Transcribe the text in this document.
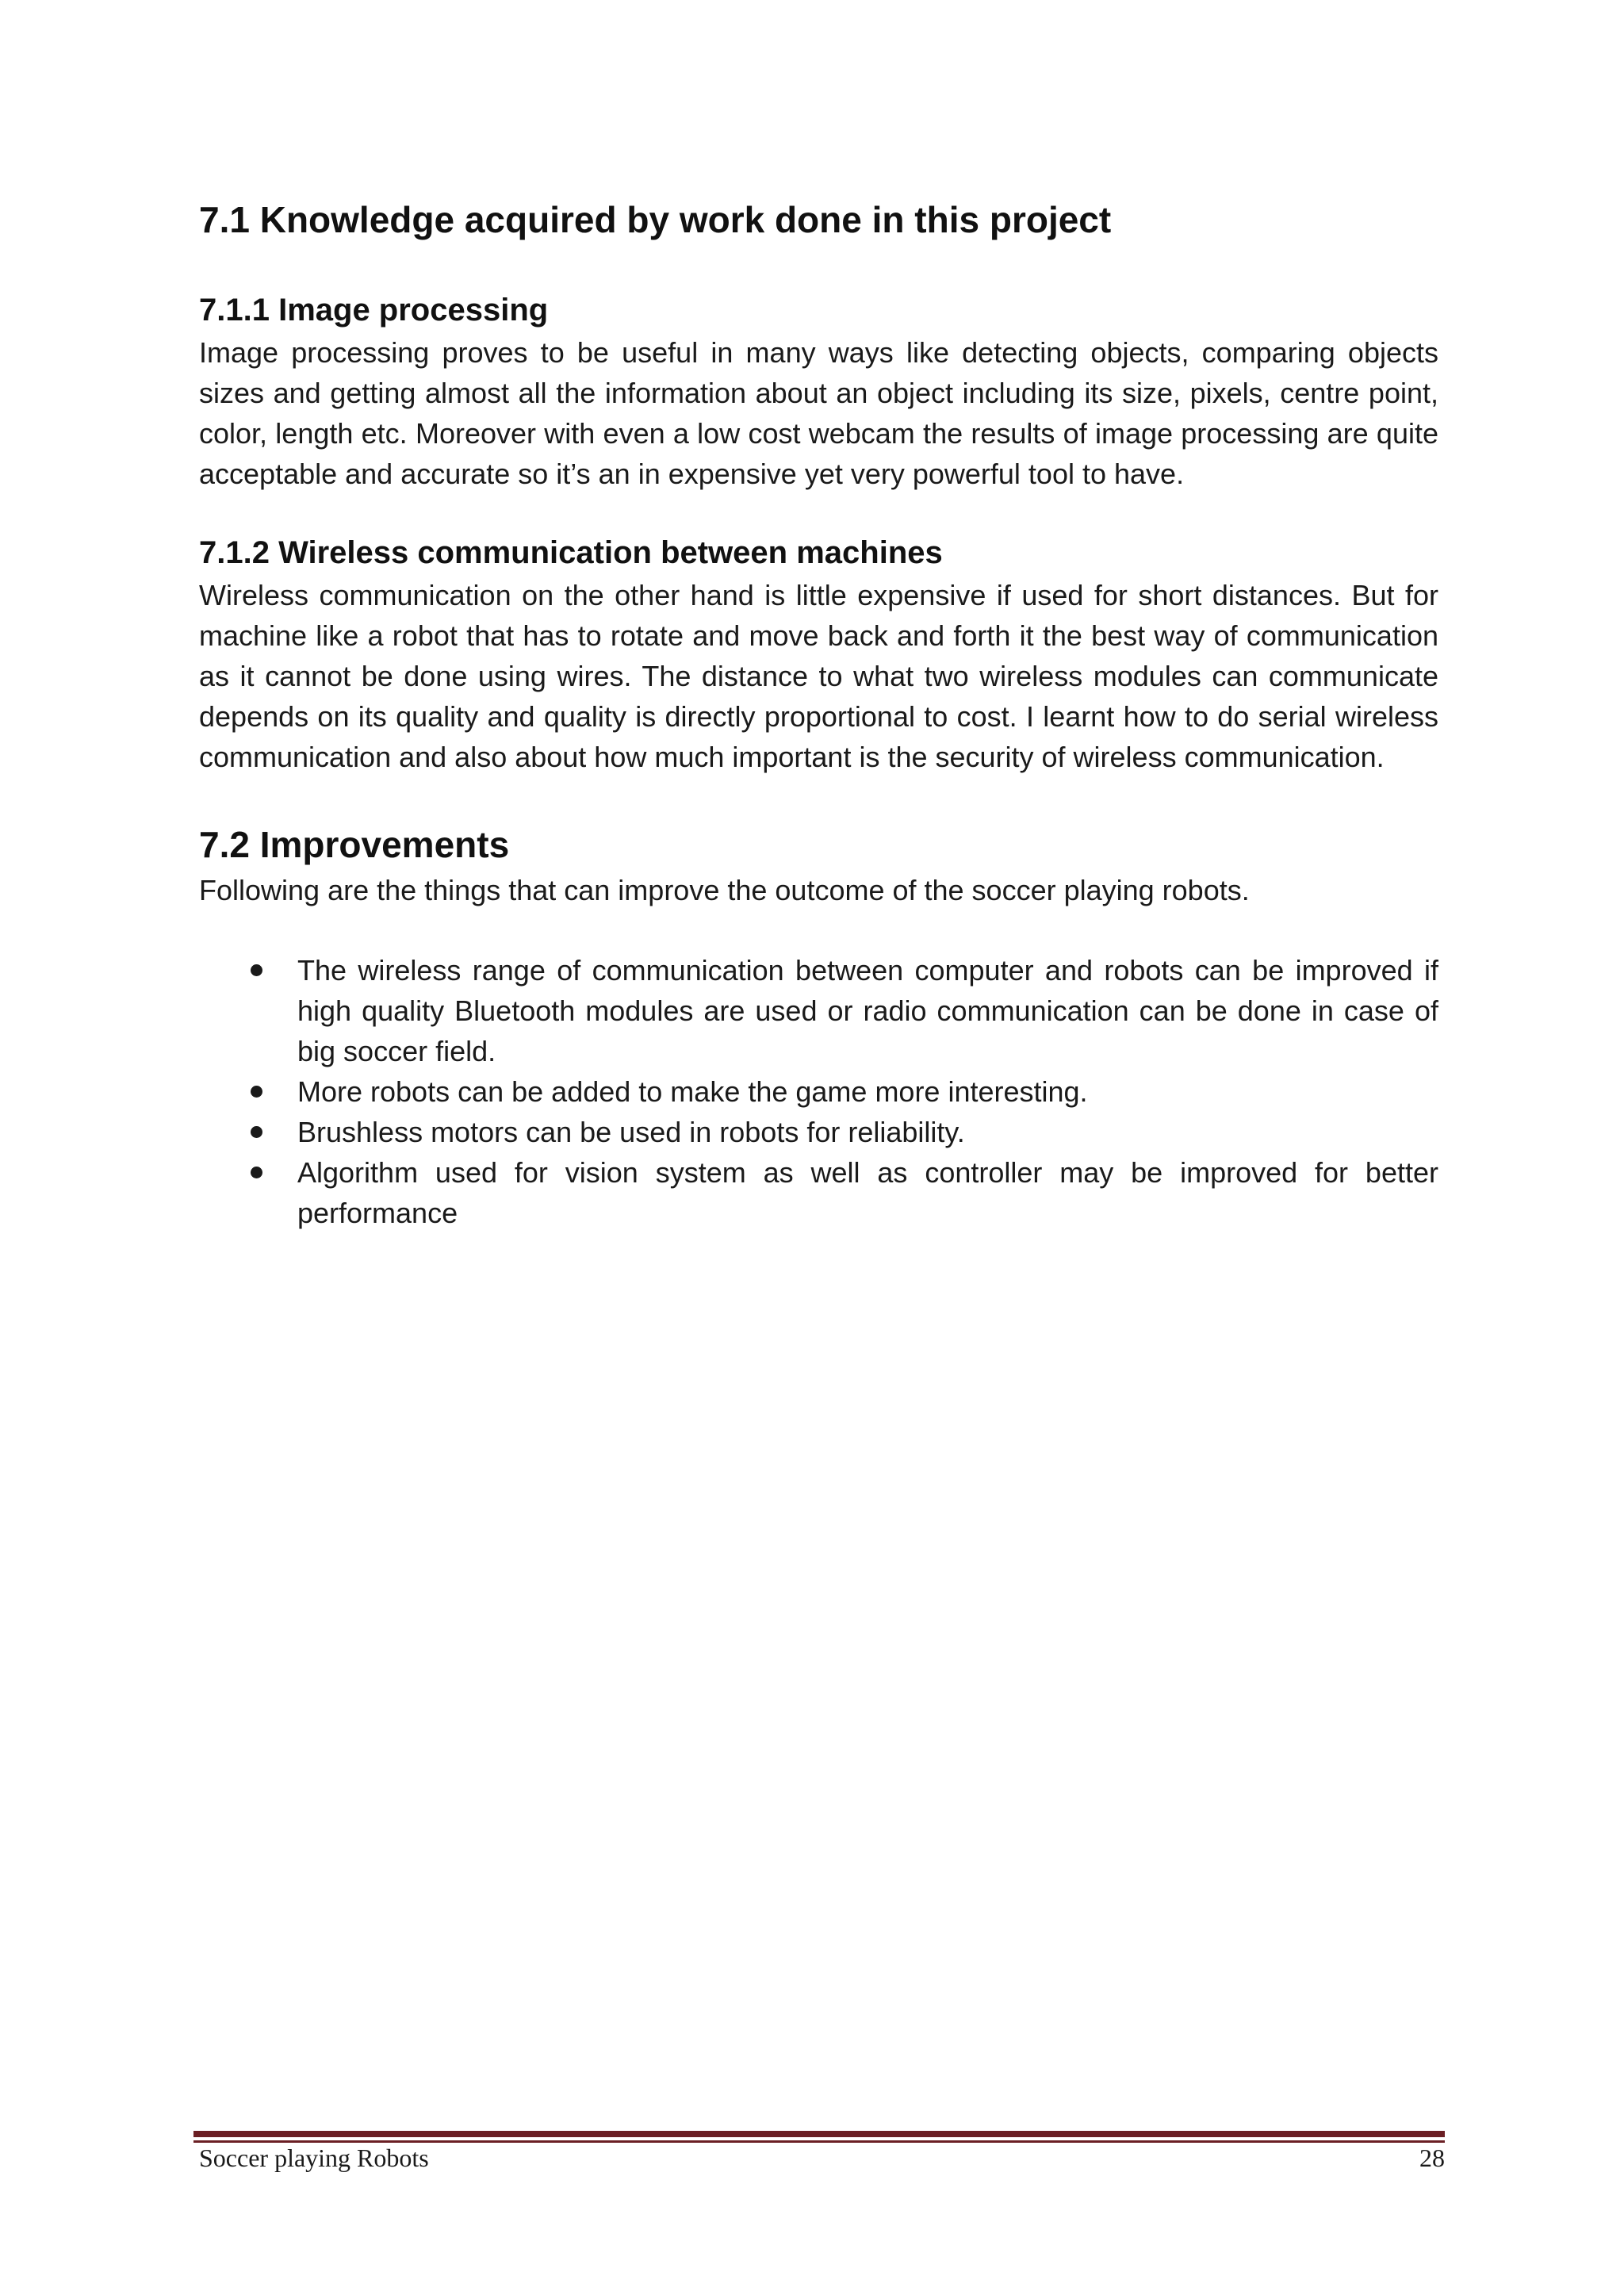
7.1 Knowledge acquired by work done in this project
7.1.1 Image processing

Image processing proves to be useful in many ways like detecting objects, comparing objects sizes and getting almost all the information about an object including its size, pixels, centre point, color, length etc. Moreover with even a low cost webcam the results of image processing are quite acceptable and accurate so it’s an in expensive yet very powerful tool to have.

7.1.2 Wireless communication between machines

Wireless communication on the other hand is little expensive if used for short distances. But for machine like a robot that has to rotate and move back and forth it the best way of communication as it cannot be done using wires. The distance to what two wireless modules can communicate depends on its quality and quality is directly proportional to cost. I learnt how to do serial wireless communication and also about how much important is the security of wireless communication.

7.2 Improvements

Following are the things that can improve the outcome of the soccer playing robots.

The wireless range of communication between computer and robots can be improved if high quality Bluetooth modules are used or radio communication can be done in case of big soccer field.
More robots can be added to make the game more interesting.
Brushless motors can be used in robots for reliability.
Algorithm used for vision system as well as controller may be improved for better performance
Soccer playing Robots	28
